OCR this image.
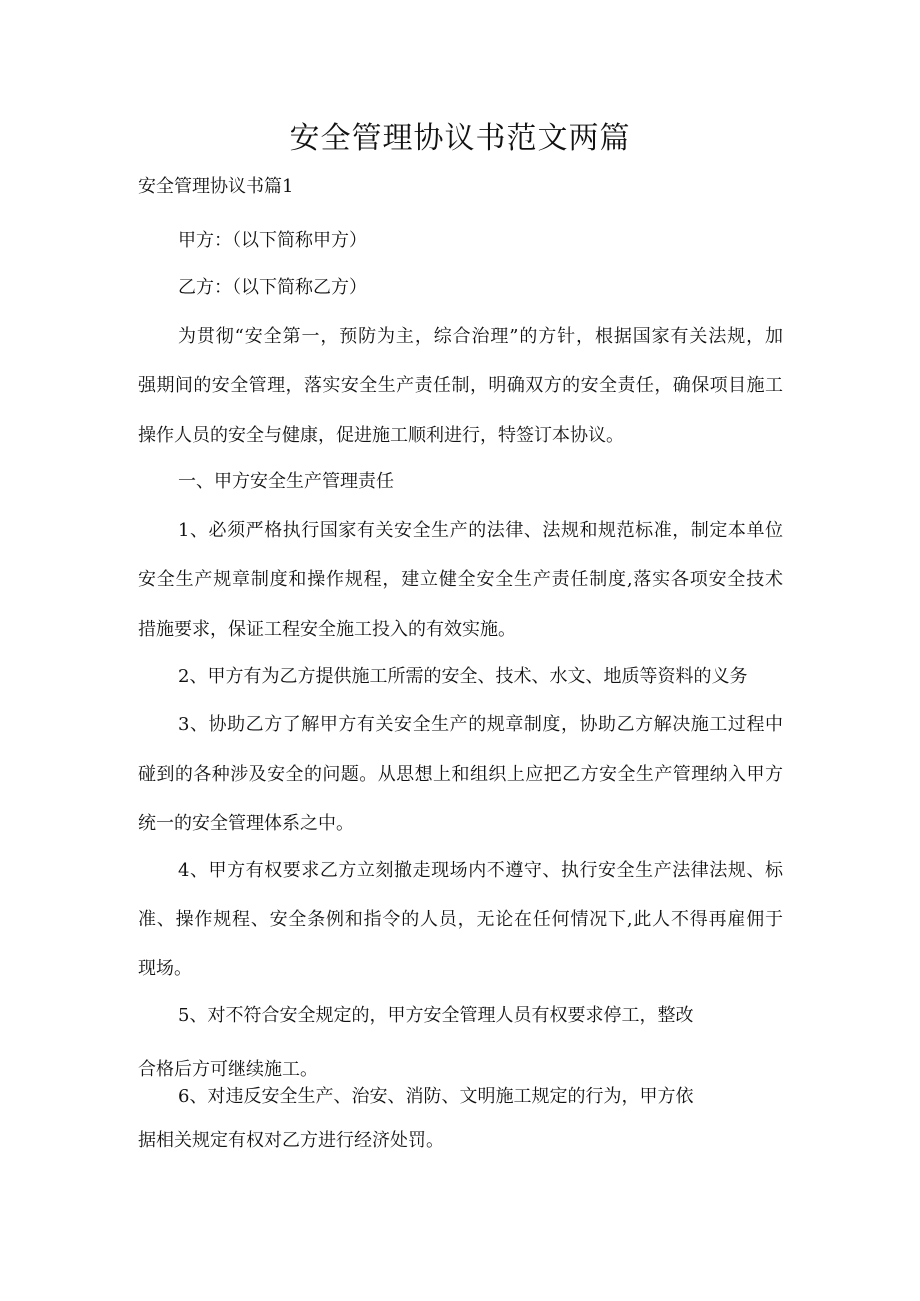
安全管理协议书范文两篇

安全管理协议书篇1

甲方：（以下简称甲方）

乙方：（以下简称乙方）

为贯彻“安全第一，预防为主，综合治理”的方针，根据国家有关法规，加

强期间的安全管理，落实安全生产责任制，明确双方的安全责任，确保项目施工

操作人员的安全与健康，促进施工顺利进行，特签订本协议。

一、甲方安全生产管理责任

1、必须严格执行国家有关安全生产的法律、法规和规范标准，制定本单位

安全生产规章制度和操作规程，建立健全安全生产责任制度,落实各项安全技术

措施要求，保证工程安全施工投入的有效实施。

2、甲方有为乙方提供施工所需的安全、技术、水文、地质等资料的义务

3、协助乙方了解甲方有关安全生产的规章制度，协助乙方解决施工过程中

碰到的各种涉及安全的问题。从思想上和组织上应把乙方安全生产管理纳入甲方

统一的安全管理体系之中。

4、甲方有权要求乙方立刻撤走现场内不遵守、执行安全生产法律法规、标

准、操作规程、安全条例和指令的人员，无论在任何情况下,此人不得再雇佣于

现场。

5、对不符合安全规定的，甲方安全管理人员有权要求停工，整改

合格后方可继续施工。

6、对违反安全生产、治安、消防、文明施工规定的行为，甲方依

据相关规定有权对乙方进行经济处罚。
